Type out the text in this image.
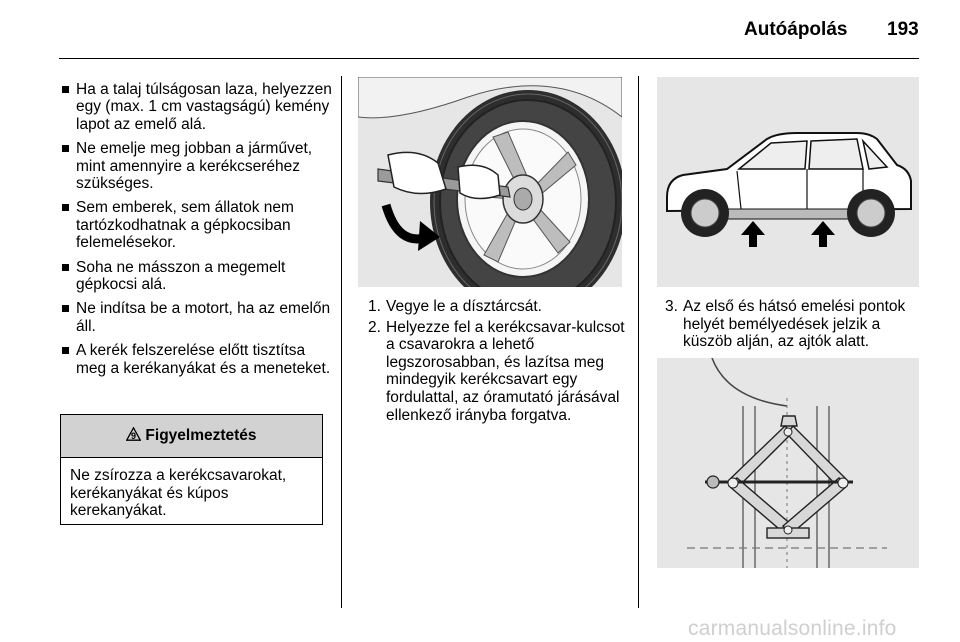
Autóápolás 193
Ha a talaj túlságosan laza, helyezzen egy (max. 1 cm vastagságú) kemény lapot az emelő alá.
Ne emelje meg jobban a járművet, mint amennyire a kerékcseréhez szükséges.
Sem emberek, sem állatok nem tartózkodhatnak a gépkocsiban felemelésekor.
Soha ne másszon a megemelt gépkocsi alá.
Ne indítsa be a motort, ha az emelőn áll.
A kerék felszerelése előtt tisztítsa meg a kerékanyákat és a meneteket.
9 Figyelmeztetés
Ne zsírozza a kerékcsavarokat, kerékanyákat és kúpos kerekanyákat.
1. Vegye le a dísztárcsát.
2. Helyezze fel a kerékcsavar-kulcsot a csavarokra a lehető legszorosabban, és lazítsa meg mindegyik kerékcsavart egy fordulattal, az óramutató járásával ellenkező irányba forgatva.
3. Az első és hátsó emelési pontok helyét bemélyedések jelzik a küszöb alján, az ajtók alatt.
carmanualsonline.info
